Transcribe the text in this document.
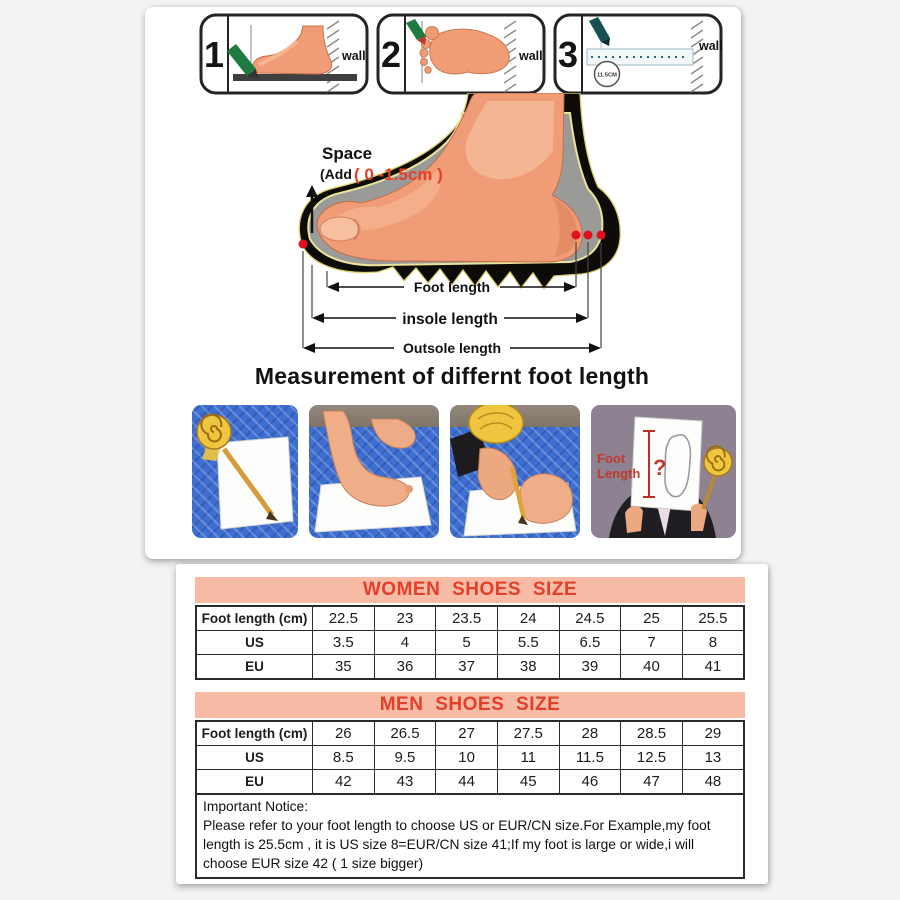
1	wall 2	wall 3
11.5CM
wall
Space
(Add ( 0 -1.5cm )
Foot length
insole length
Outsole length
Measurement of differnt foot length
Foot
Length ?
WOMEN SHOES SIZE
Foot length (cm)	22.5	23	23.5	24	24.5	25	25.5
US	3.5	4	5	5.5	6.5	7	8
EU	35	36	37	38	39	40	41
MEN SHOES SIZE
Foot length (cm)	26	26.5	27	27.5	28	28.5	29
US	8.5	9.5	10	11	11.5	12.5	13
EU	42	43	44	45	46	47	48
Important Notice:
Please refer to your foot length to choose US or EUR/CN size.For Example,my foot length is 25.5cm , it is US size 8=EUR/CN size 41;If my foot is large or wide,i will choose EUR size 42 ( 1 size bigger)
